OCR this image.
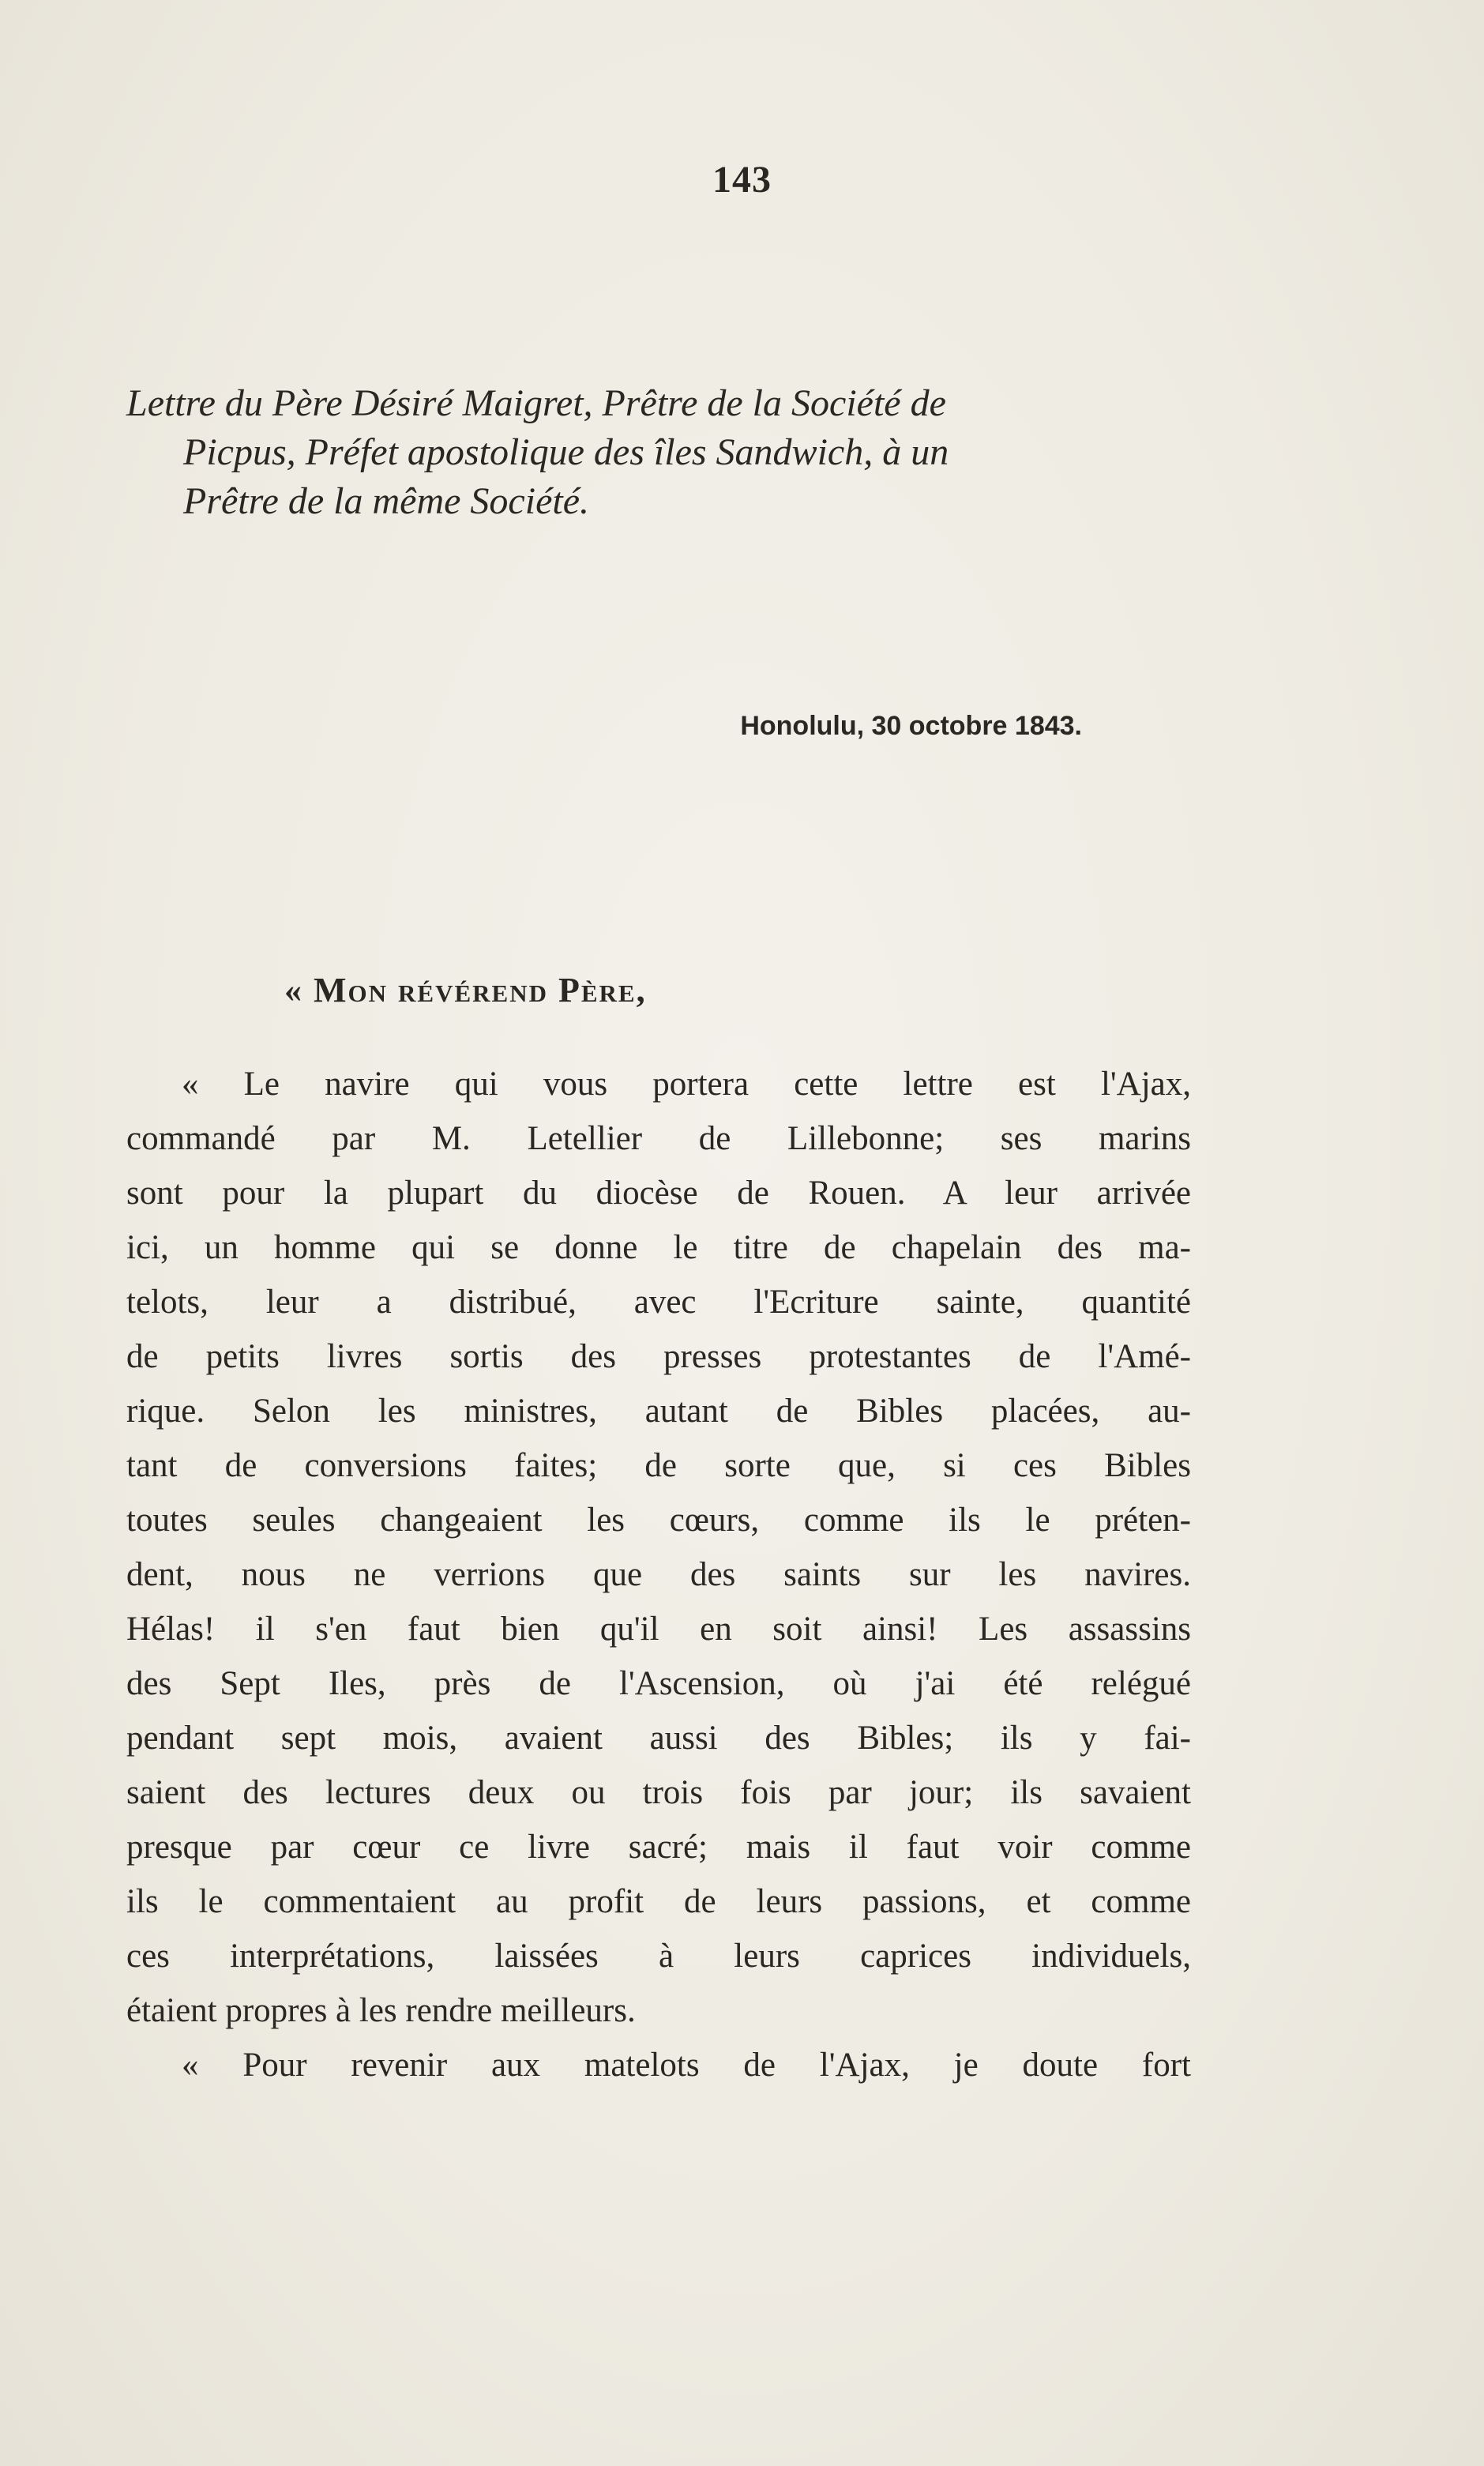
143
Lettre du Père Désiré Maigret, Prêtre de la Société de
Picpus, Préfet apostolique des îles Sandwich, à un
Prêtre de la même Société.
Honolulu, 30 octobre 1843.
« Mon révérend Père,
« Le navire qui vous portera cette lettre est l'Ajax,
commandé par M. Letellier de Lillebonne; ses marins
sont pour la plupart du diocèse de Rouen. A leur arrivée
ici, un homme qui se donne le titre de chapelain des ma-
telots, leur a distribué, avec l'Ecriture sainte, quantité
de petits livres sortis des presses protestantes de l'Amé-
rique. Selon les ministres, autant de Bibles placées, au-
tant de conversions faites; de sorte que, si ces Bibles
toutes seules changeaient les cœurs, comme ils le préten-
dent, nous ne verrions que des saints sur les navires.
Hélas! il s'en faut bien qu'il en soit ainsi! Les assassins
des Sept Iles, près de l'Ascension, où j'ai été relégué
pendant sept mois, avaient aussi des Bibles; ils y fai-
saient des lectures deux ou trois fois par jour; ils savaient
presque par cœur ce livre sacré; mais il faut voir comme
ils le commentaient au profit de leurs passions, et comme
ces interprétations, laissées à leurs caprices individuels,
étaient propres à les rendre meilleurs.
« Pour revenir aux matelots de l'Ajax, je doute fort
